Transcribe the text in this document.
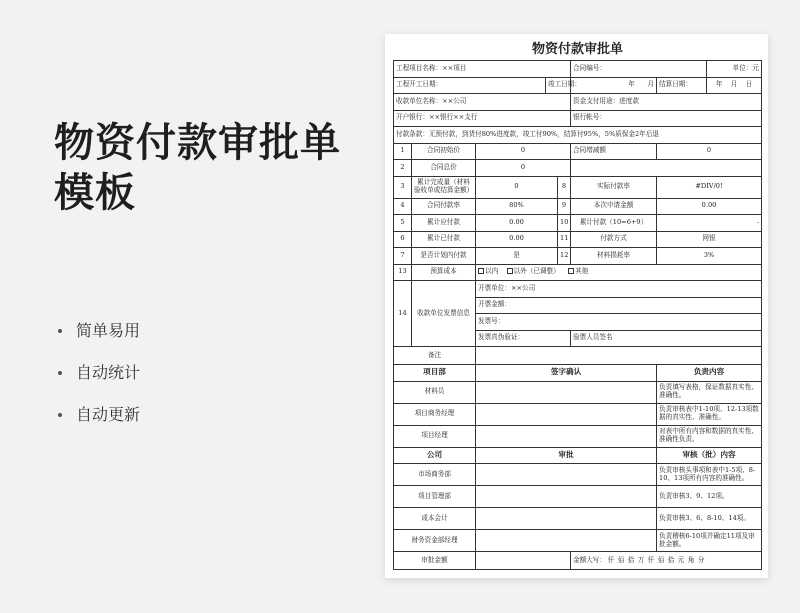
物资付款审批单
模板
简单易用
自动统计
自动更新
物资付款审批单
工程项目名称：××项目					合同编号：		单位：元
工程开工日期：			竣工日期：		年 月	结算日期：	年 月 日
收款单位名称：××公司					资金支付用途：进度款		
开户银行：××银行××支行					银行帐号：		
付款条款：无预付款，到货付80%进度款，竣工付90%，结算付95%，5%质保金2年后退							
1	合同初始价	0			合同增减额	0	
2	合同总价	0					
3	累计完成量（材料验收单或结算金额）	0		8	实际付款率	#DIV/0!	
4	合同付款率	80%		9	本次申请金额	0.00	
5	累计应付款	0.00		10	累计付款（10=6+9）	-	
6	累计已付款	0.00		11	付款方式	网银	
7	是否计划内付款	是		12	材料损耗率	3%	
13	预算成本	以内 以外（已调整） 其他					
14	收款单位发票信息	开票单位：××公司					
		开票金额：					
		发票号：					
		发票真伪验证：			验票人员签名		
备注							
项目部		签字确认				负责内容	
材料员						负责填写表格，保证数据真实性、准确性。	
项目商务经理						负责审核表中1-10项、12-13项数据的真实性、准确性。	
项目经理						对表中所有内容和数据的真实性、准确性负责。	
公司		审批				审核（批）内容	
市场商务部						负责审核头事项和表中1-5项、8-10、13项所有内容的准确性。	
项目管理部						负责审核3、9、12项。	
成本会计						负责审核3、6、8-10、14项。	
财务资金部经理						负责稽核6-10项并确定11项及审批金额。	
审批金额					金额大写： 仟 佰 拾 万 仟 佰 拾 元 角 分		
